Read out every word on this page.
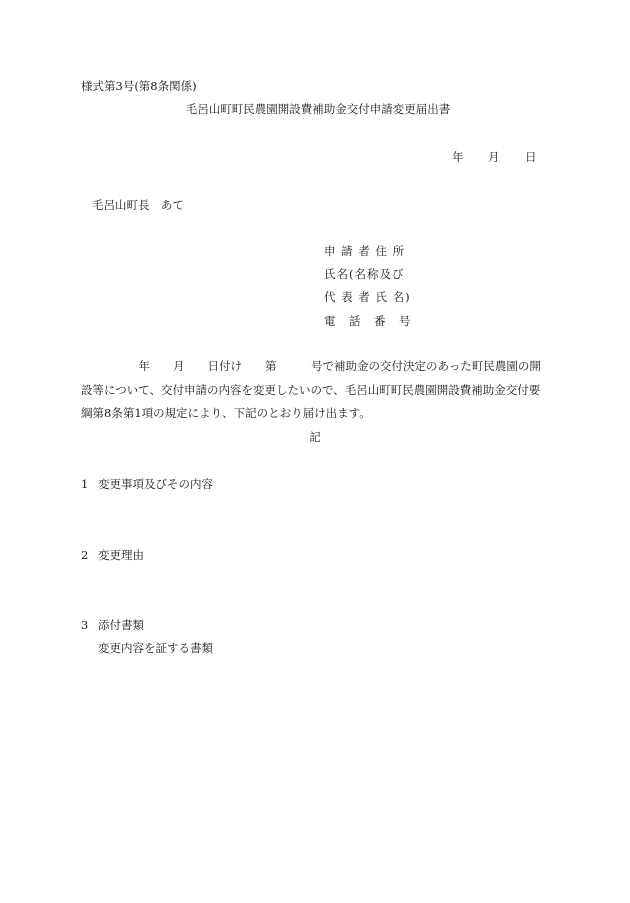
様式第3号(第8条関係)
毛呂山町町民農園開設費補助金交付申請変更届出書
年 月 日
毛呂山町長　あて
申 請 者 住 所
氏名(名称及び
代 表 者 氏 名)
電　話　番　号
　　　　　年　　月　　日付け　　第　　　号で補助金の交付決定のあった町民農園の開
設等について、交付申請の内容を変更したいので、毛呂山町町民農園開設費補助金交付要
綱第8条第1項の規定により、下記のとおり届け出ます。
記
1 変更事項及びその内容
2 変更理由
3 添付書類
変更内容を証する書類
